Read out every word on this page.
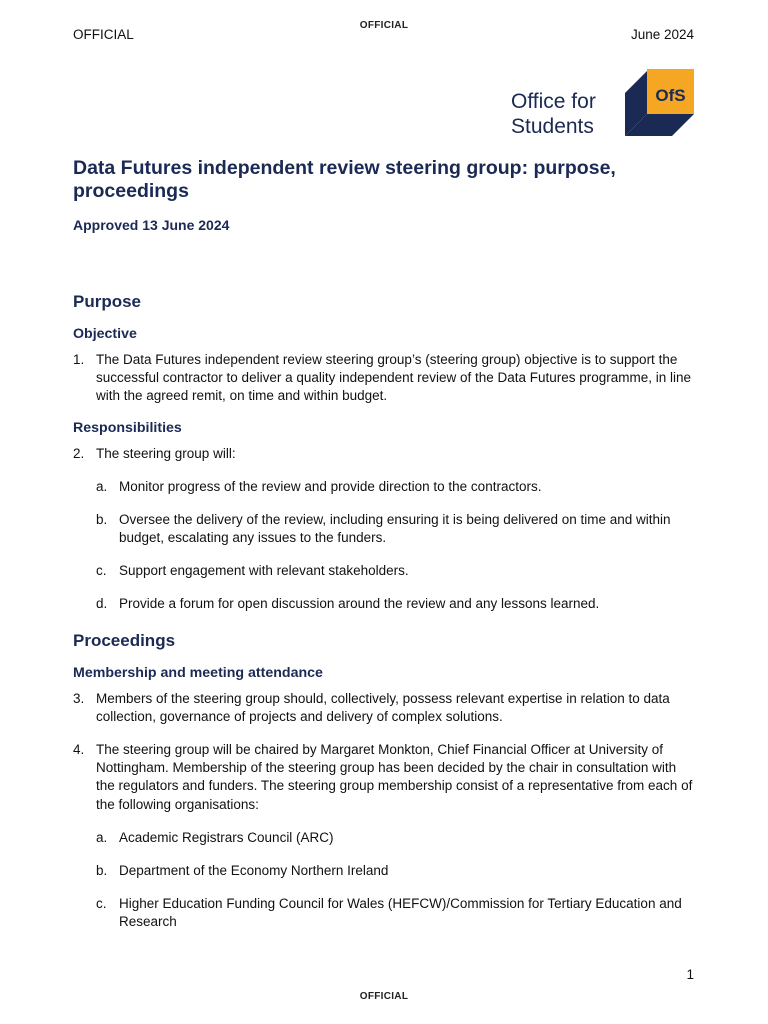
OFFICIAL
OFFICIAL	June 2024
Office for
Students
OfS
Data Futures independent review steering group: purpose, proceedings
Approved 13 June 2024
Purpose
Objective
1. The Data Futures independent review steering group’s (steering group) objective is to support the successful contractor to deliver a quality independent review of the Data Futures programme, in line with the agreed remit, on time and within budget.
Responsibilities
2. The steering group will:
a. Monitor progress of the review and provide direction to the contractors.
b. Oversee the delivery of the review, including ensuring it is being delivered on time and within budget, escalating any issues to the funders.
c. Support engagement with relevant stakeholders.
d. Provide a forum for open discussion around the review and any lessons learned.
Proceedings
Membership and meeting attendance
3. Members of the steering group should, collectively, possess relevant expertise in relation to data collection, governance of projects and delivery of complex solutions.
4. The steering group will be chaired by Margaret Monkton, Chief Financial Officer at University of Nottingham. Membership of the steering group has been decided by the chair in consultation with the regulators and funders. The steering group membership consist of a representative from each of the following organisations:
a. Academic Registrars Council (ARC)
b. Department of the Economy Northern Ireland
c. Higher Education Funding Council for Wales (HEFCW)/Commission for Tertiary Education and Research
1
OFFICIAL
